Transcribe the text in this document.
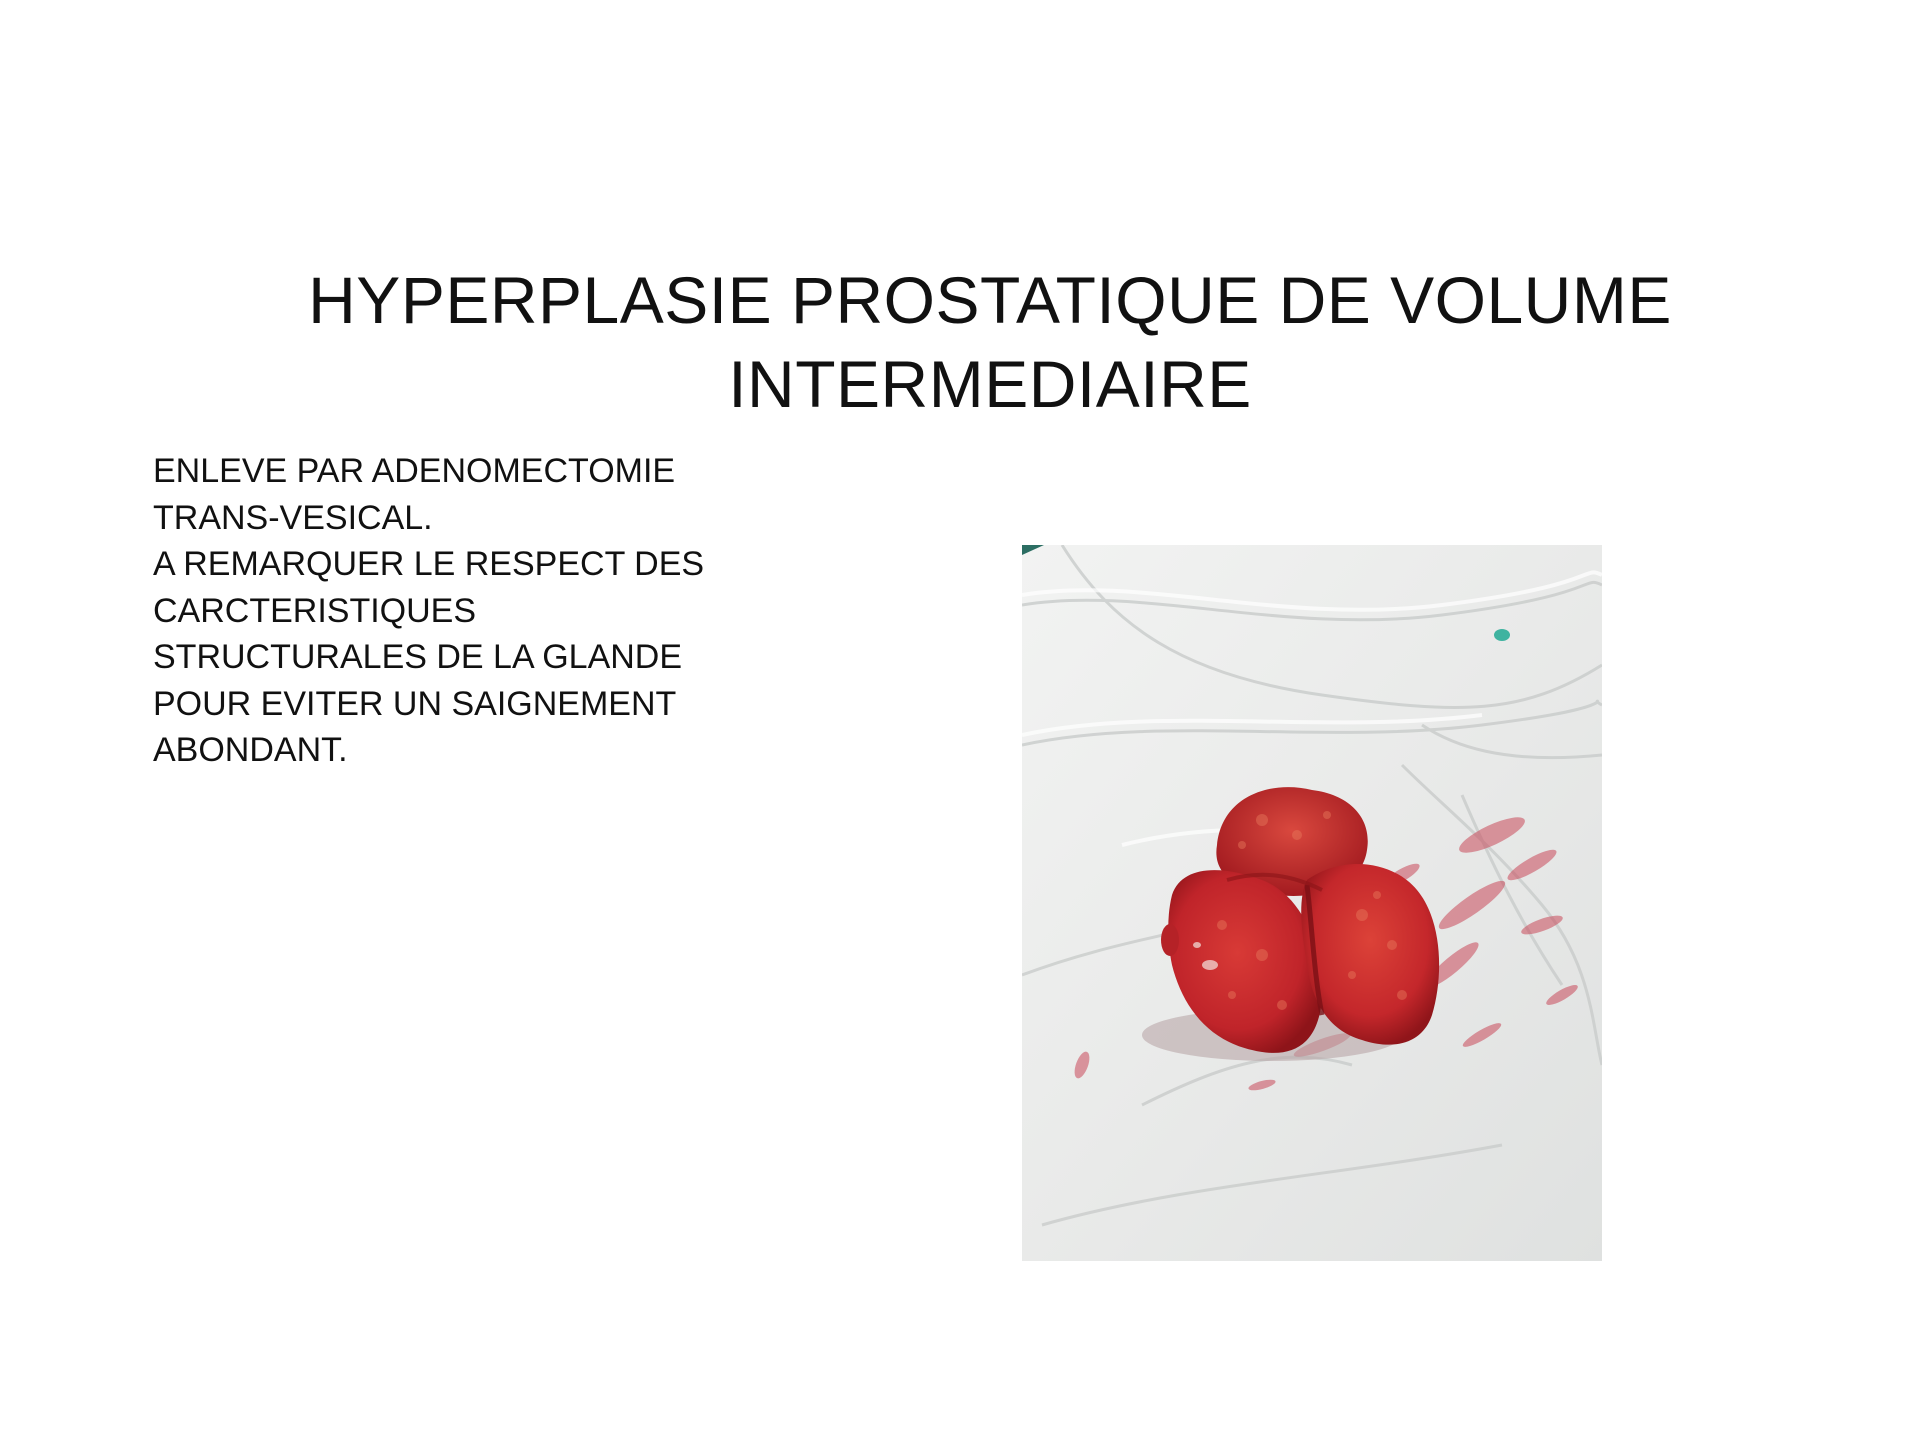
HYPERPLASIE PROSTATIQUE DE VOLUME
INTERMEDIAIRE
ENLEVE PAR ADENOMECTOMIE
TRANS-VESICAL.
A REMARQUER LE RESPECT DES
CARCTERISTIQUES
STRUCTURALES DE LA GLANDE
POUR EVITER UN SAIGNEMENT
ABONDANT.
